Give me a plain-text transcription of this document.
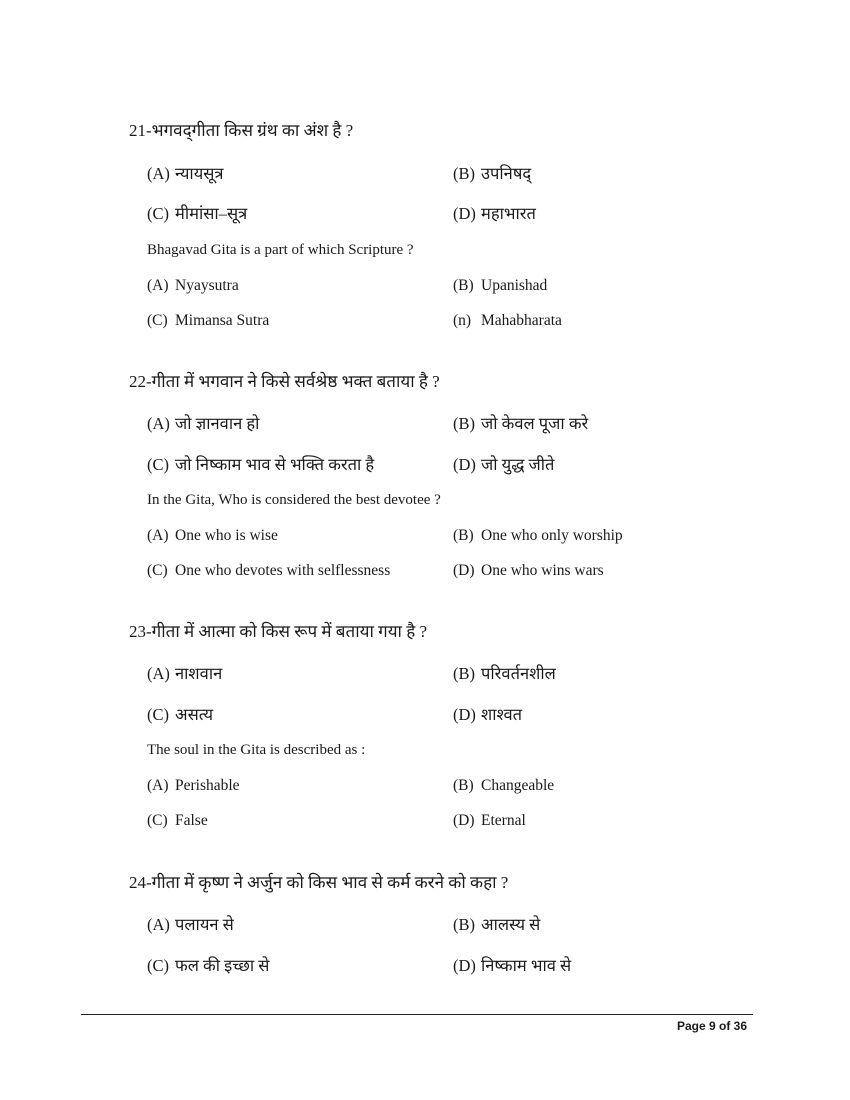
21-भगवद्‌गीता किस ग्रंथ का अंश है ?
(A) न्यायसूत्र	(B) उपनिषद्
(C) मीमांसा–सूत्र	(D) महाभारत
Bhagavad Gita is a part of which Scripture ?
(A) Nyaysutra	(B) Upanishad
(C) Mimansa Sutra	(n) Mahabharata
22-गीता में भगवान ने किसे सर्वश्रेष्ठ भक्त बताया है ?
(A) जो ज्ञानवान हो	(B) जो केवल पूजा करे
(C) जो निष्काम भाव से भक्ति करता है	(D) जो युद्ध जीते
In the Gita, Who is considered the best devotee ?
(A) One who is wise	(B) One who only worship
(C) One who devotes with selflessness	(D) One who wins wars
23-गीता में आत्मा को किस रूप में बताया गया है ?
(A) नाशवान	(B) परिवर्तनशील
(C) असत्य	(D) शाश्वत
The soul in the Gita is described as :
(A) Perishable	(B) Changeable
(C) False	(D) Eternal
24-गीता में कृष्ण ने अर्जुन को किस भाव से कर्म करने को कहा ?
(A) पलायन से	(B) आलस्य से
(C) फल की इच्छा से	(D) निष्काम भाव से
Page 9 of 36
